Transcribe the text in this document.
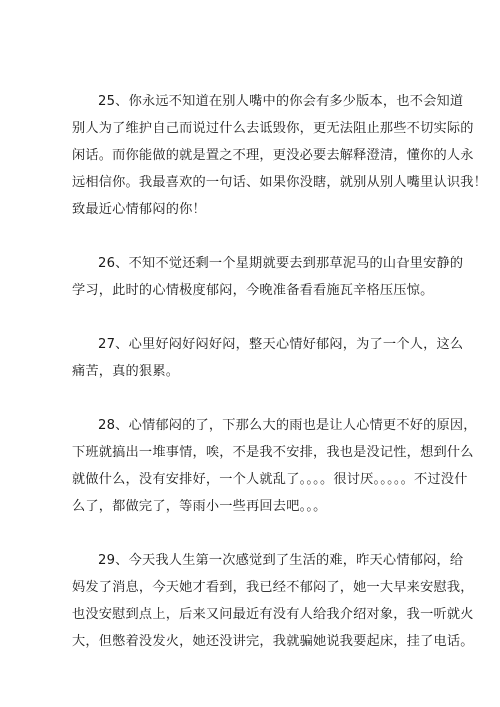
25、你永远不知道在别人嘴中的你会有多少版本，也不会知道
别人为了维护自己而说过什么去诋毁你，更无法阻止那些不切实际的
闲话。而你能做的就是置之不理，更没必要去解释澄清，懂你的人永
远相信你。我最喜欢的一句话、如果你没瞎，就别从别人嘴里认识我！
致最近心情郁闷的你！

26、不知不觉还剩一个星期就要去到那草泥马的山旮里安静的
学习，此时的心情极度郁闷，今晚准备看看施瓦辛格压压惊。

27、心里好闷好闷好闷，整天心情好郁闷，为了一个人，这么
痛苦，真的狠累。

28、心情郁闷的了，下那么大的雨也是让人心情更不好的原因，
下班就搞出一堆事情，唉，不是我不安排，我也是没记性，想到什么
就做什么，没有安排好，一个人就乱了。。。。很讨厌。。。。。不过没什
么了，都做完了，等雨小一些再回去吧。。。

29、今天我人生第一次感觉到了生活的难，昨天心情郁闷，给
妈发了消息，今天她才看到，我已经不郁闷了，她一大早来安慰我，
也没安慰到点上，后来又问最近有没有人给我介绍对象，我一听就火
大，但憋着没发火，她还没讲完，我就骗她说我要起床，挂了电话。
